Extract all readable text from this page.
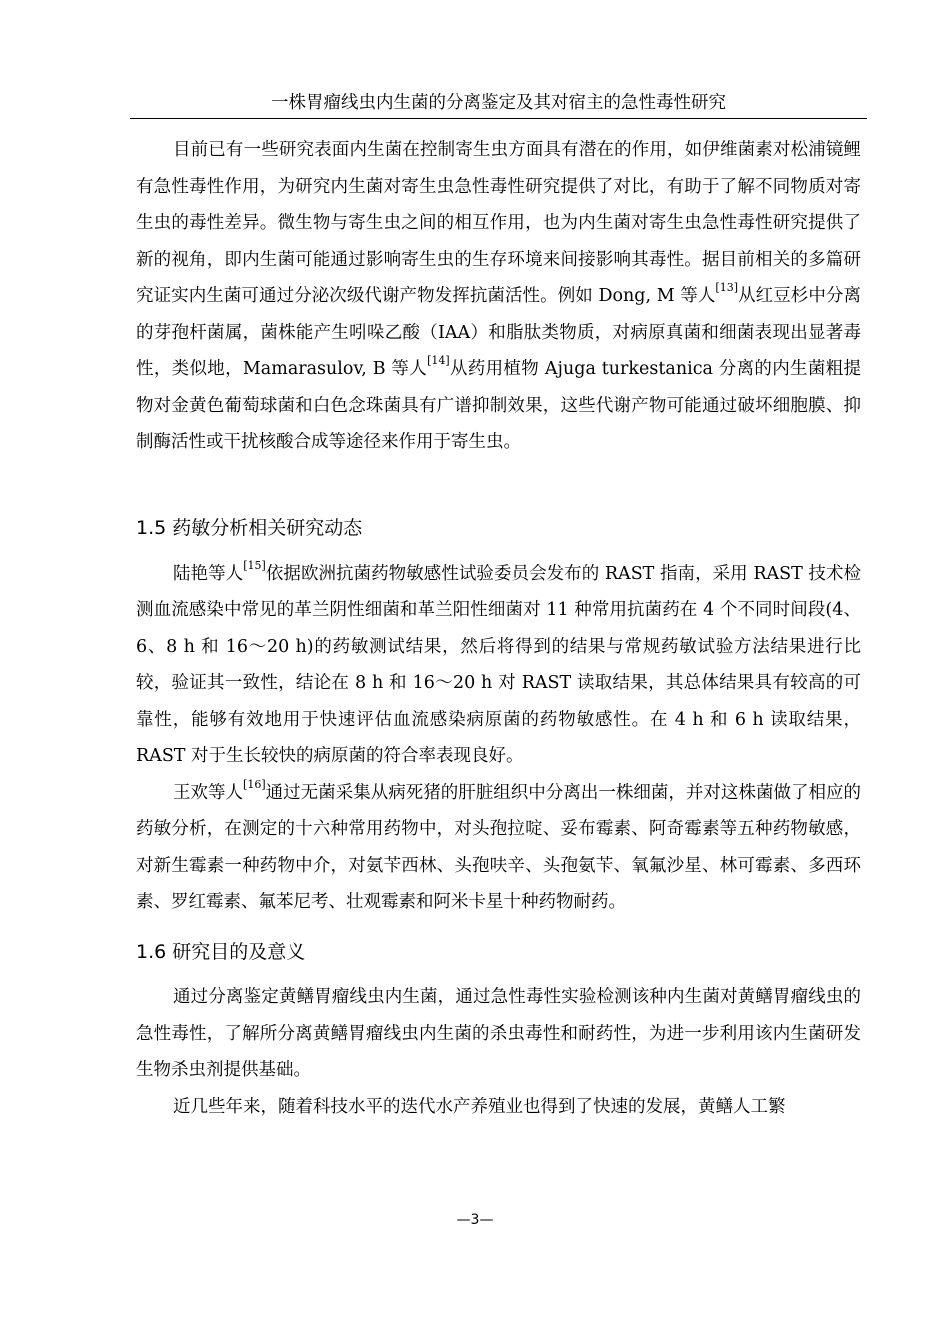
一株胃瘤线虫内生菌的分离鉴定及其对宿主的急性毒性研究

目前已有一些研究表面内生菌在控制寄生虫方面具有潜在的作用，如伊维菌素对松浦镜鲤有急性毒性作用，为研究内生菌对寄生虫急性毒性研究提供了对比，有助于了解不同物质对寄生虫的毒性差异。微生物与寄生虫之间的相互作用，也为内生菌对寄生虫急性毒性研究提供了新的视角，即内生菌可能通过影响寄生虫的生存环境来间接影响其毒性。据目前相关的多篇研究证实内生菌可通过分泌次级代谢产物发挥抗菌活性。例如 Dong, M 等人[13]从红豆杉中分离的芽孢杆菌属，菌株能产生吲哚乙酸（IAA）和脂肽类物质，对病原真菌和细菌表现出显著毒性，类似地，Mamarasulov, B 等人[14]从药用植物 Ajuga turkestanica 分离的内生菌粗提物对金黄色葡萄球菌和白色念珠菌具有广谱抑制效果，这些代谢产物可能通过破坏细胞膜、抑制酶活性或干扰核酸合成等途径来作用于寄生虫。

1.5 药敏分析相关研究动态

陆艳等人[15]依据欧洲抗菌药物敏感性试验委员会发布的 RAST 指南，采用 RAST 技术检测血流感染中常见的革兰阴性细菌和革兰阳性细菌对 11 种常用抗菌药在 4 个不同时间段(4、6、8 h 和 16～20 h)的药敏测试结果，然后将得到的结果与常规药敏试验方法结果进行比较，验证其一致性，结论在 8 h 和 16～20 h 对 RAST 读取结果，其总体结果具有较高的可靠性，能够有效地用于快速评估血流感染病原菌的药物敏感性。在 4 h 和 6 h 读取结果，RAST 对于生长较快的病原菌的符合率表现良好。

王欢等人[16]通过无菌采集从病死猪的肝脏组织中分离出一株细菌，并对这株菌做了相应的药敏分析，在测定的十六种常用药物中，对头孢拉啶、妥布霉素、阿奇霉素等五种药物敏感，对新生霉素一种药物中介，对氨苄西林、头孢呋辛、头孢氨苄、氧氟沙星、林可霉素、多西环素、罗红霉素、氟苯尼考、壮观霉素和阿米卡星十种药物耐药。

1.6 研究目的及意义

通过分离鉴定黄鳝胃瘤线虫内生菌，通过急性毒性实验检测该种内生菌对黄鳝胃瘤线虫的急性毒性，了解所分离黄鳝胃瘤线虫内生菌的杀虫毒性和耐药性，为进一步利用该内生菌研发生物杀虫剂提供基础。

近几些年来，随着科技水平的迭代水产养殖业也得到了快速的发展，黄鳝人工繁

—3—
